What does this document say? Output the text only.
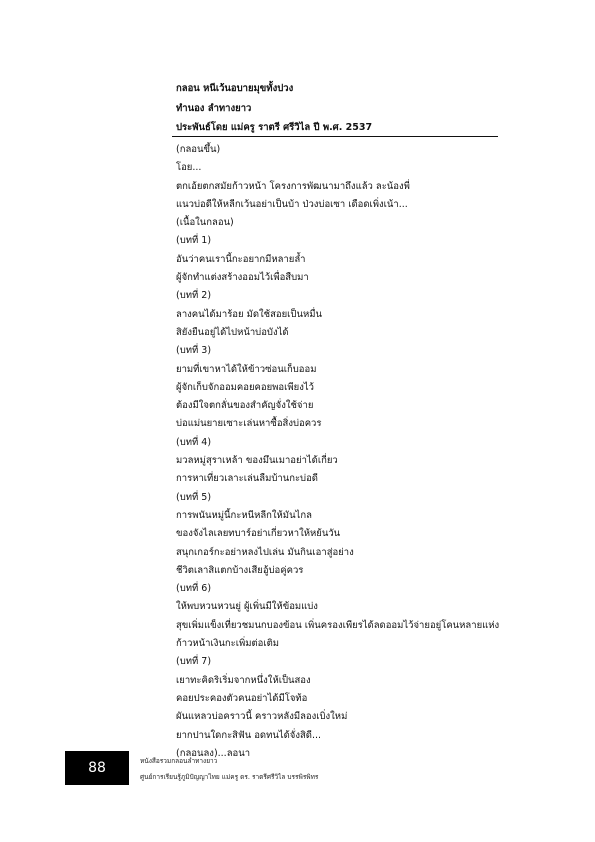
กลอน หนีเว้นอบายมุขทั้งปวง
ทำนอง ลำทางยาว
ประพันธ์โดย แม่ครู ราตรี ศรีวิไล ปี พ.ศ. 2537
(กลอนขึ้น)
โอย...
ตกเอ้ยตกสมัยก้าวหน้า โครงการพัฒนามาถึงแล้ว ละน้องพี่
แนวบ่อดีให้หลีกเว้นอย่าเป็นบ้า ป่วงบ่อเซา เดือดเพิ่งเน้า...
(เนื้อในกลอน)
(บทที่ 1)
อันว่าคนเรานี้กะอยากมีหลายล้ำ
ผู้จักทำแต่งสร้างออมไว้เพื่อสืบมา
(บทที่ 2)
ลางคนได้มาร้อย มัดใช้สอยเป็นหมื่น
สิยังยืนอยู่ได้ไปหน้าบ่อบังได้
(บทที่ 3)
ยามที่เขาหาได้ให้ข้าวซ่อนเก็บออม
ผู้จักเก็บจักออมคอยคอยพอเพียงไว้
ต้องมีใจตกลั่นของสำคัญจั่งใช้จ่าย
บ่อแม่นยายเซาะเล่นหาซื้อสิ่งบ่อควร
(บทที่ 4)
มวลหมู่สุราเหล้า ของมึนเมาอย่าได้เกี่ยว
การหาเที่ยวเลาะเล่นลืมบ้านกะบ่อดี
(บทที่ 5)
การพนันหมู่นี้กะหนีหลีกให้มันไกล
ของจังไลเลยทบาร์อย่าเกี่ยวหาให้หย้นวัน
สนุกเกอร์กะอย่าหลงไปเล่น มันกินเอาสู่อย่าง
ชีวิตเลาสิแตกบ้างเสียอู้บ่อคู่ควร
(บทที่ 6)
ให้พบหวนหวนยู่ ผู้เพิ่นมีให้ข้อมแบ่ง
สุขเพิ่มแข็งเที่ยวชมนกบองข้อน เพิ่นครองเพียรได้ลดออมไว้จ่ายอยู่โคนหลายแห่ง
ก้าวหน้าเงินกะเพิ่มต่อเติม
(บทที่ 7)
เยาทะคิดริเริ่มจากหนึ่งให้เป็นสอง
คอยประคองตัวคนอย่าได้มีโจท้อ
ผันแหลวบ่อคราวนี้ คราวหลังมีลองเบิ่งใหม่
ยากปานใดกะสิฟัน อดทนได้จั่งสิดี...
(กลอนลง)...ลอนา
88	หนังสือรวมกลอนลำทางยาว
ศูนย์การเรียนรู้ภูมิปัญญาไทย แม่ครู ดร. ราตรีศรีวิไล บรรพิรพิทร
